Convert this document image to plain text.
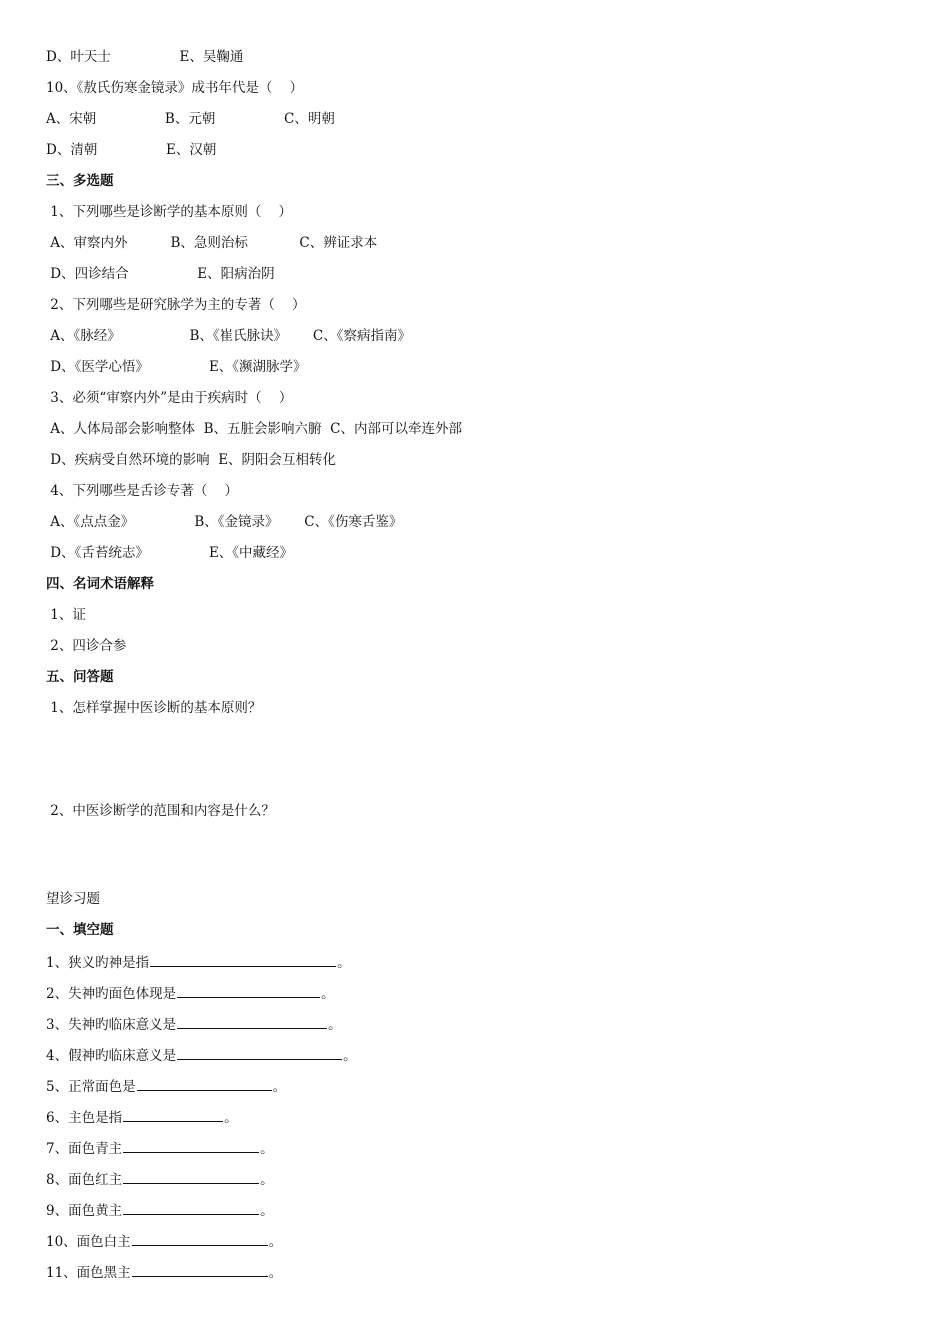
D、叶天士                E、吴鞠通
10、《敖氏伤寒金镜录》成书年代是（    ）
A、宋朝                B、元朝                C、明朝
D、清朝                E、汉朝
三、多选题
1、下列哪些是诊断学的基本原则（    ）
A、审察内外          B、急则治标            C、辨证求本
D、四诊结合                E、阳病治阴
2、下列哪些是研究脉学为主的专著（    ）
A、《脉经》                B、《崔氏脉诀》      C、《察病指南》
D、《医学心悟》              E、《濒湖脉学》
3、必须“审察内外”是由于疾病时（    ）
A、人体局部会影响整体  B、五脏会影响六腑  C、内部可以牵连外部
D、疾病受自然环境的影响  E、阴阳会互相转化
4、下列哪些是舌诊专著（    ）
A、《点点金》              B、《金镜录》      C、《伤寒舌鉴》
D、《舌苔统志》              E、《中藏经》
四、名词术语解释
1、证
2、四诊合参
五、问答题
1、怎样掌握中医诊断的基本原则？
2、中医诊断学的范围和内容是什么？
望诊习题
一、填空题
1、狭义旳神是指	。
2、失神旳面色体现是	。
3、失神旳临床意义是	。
4、假神旳临床意义是	。
5、正常面色是	。
6、主色是指	。
7、面色青主	。
8、面色红主	。
9、面色黄主	。
10、面色白主	。
11、面色黑主	。
